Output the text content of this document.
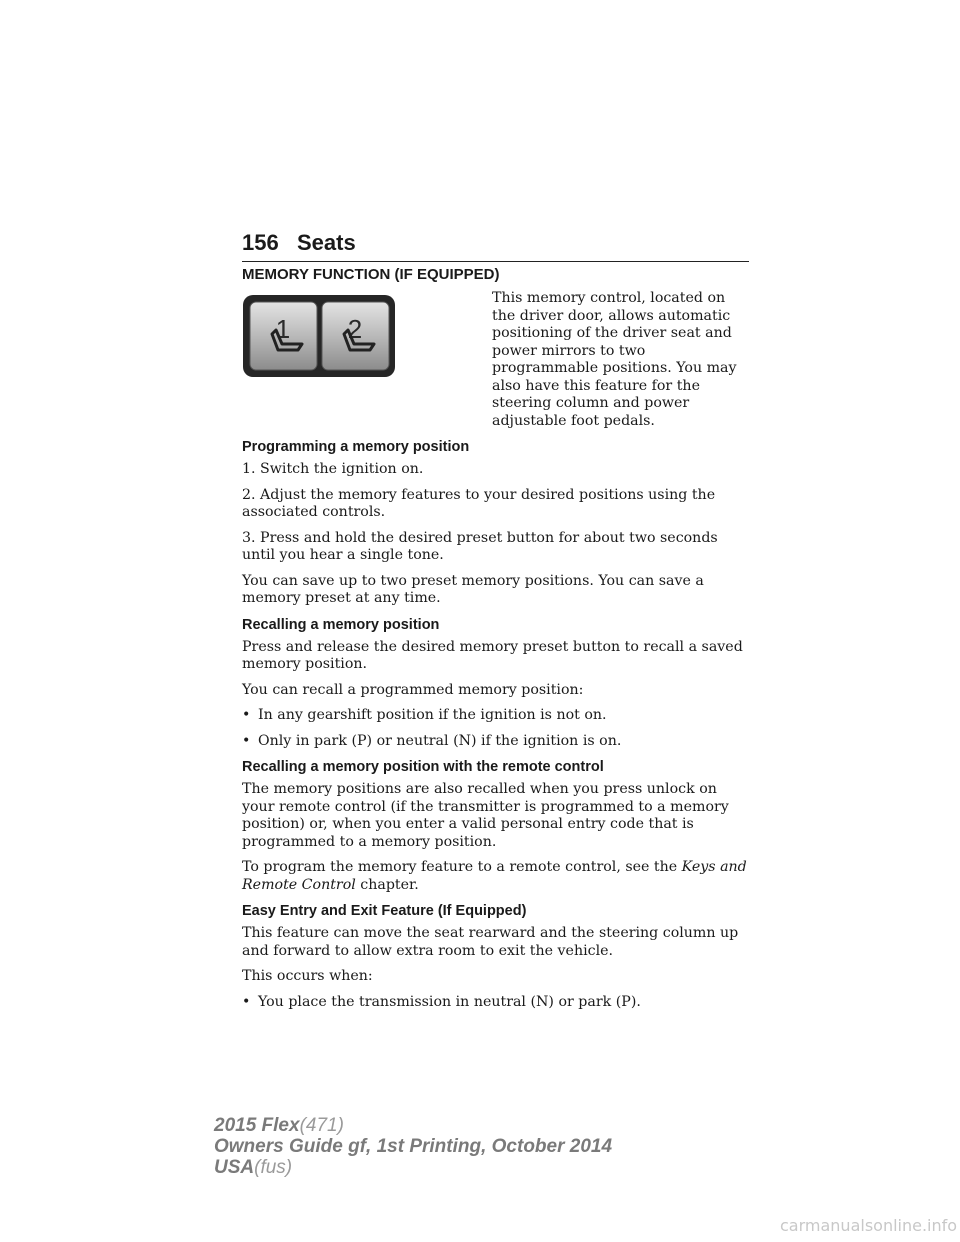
156 Seats
MEMORY FUNCTION (IF EQUIPPED)
1 2
This memory control, located on the driver door, allows automatic positioning of the driver seat and power mirrors to two programmable positions. You may also have this feature for the steering column and power adjustable foot pedals.
Programming a memory position

1. Switch the ignition on.

2. Adjust the memory features to your desired positions using the associated controls.

3. Press and hold the desired preset button for about two seconds until you hear a single tone.

You can save up to two preset memory positions. You can save a memory preset at any time.

Recalling a memory position

Press and release the desired memory preset button to recall a saved memory position.

You can recall a programmed memory position:

• In any gearshift position if the ignition is not on.
• Only in park (P) or neutral (N) if the ignition is on.
Recalling a memory position with the remote control

The memory positions are also recalled when you press unlock on your remote control (if the transmitter is programmed to a memory position) or, when you enter a valid personal entry code that is programmed to a memory position.

To program the memory feature to a remote control, see the Keys and Remote Control chapter.

Easy Entry and Exit Feature (If Equipped)

This feature can move the seat rearward and the steering column up and forward to allow extra room to exit the vehicle.

This occurs when:

• You place the transmission in neutral (N) or park (P).
2015 Flex(471)
Owners Guide gf, 1st Printing, October 2014
USA(fus)
carmanualsonline.info
